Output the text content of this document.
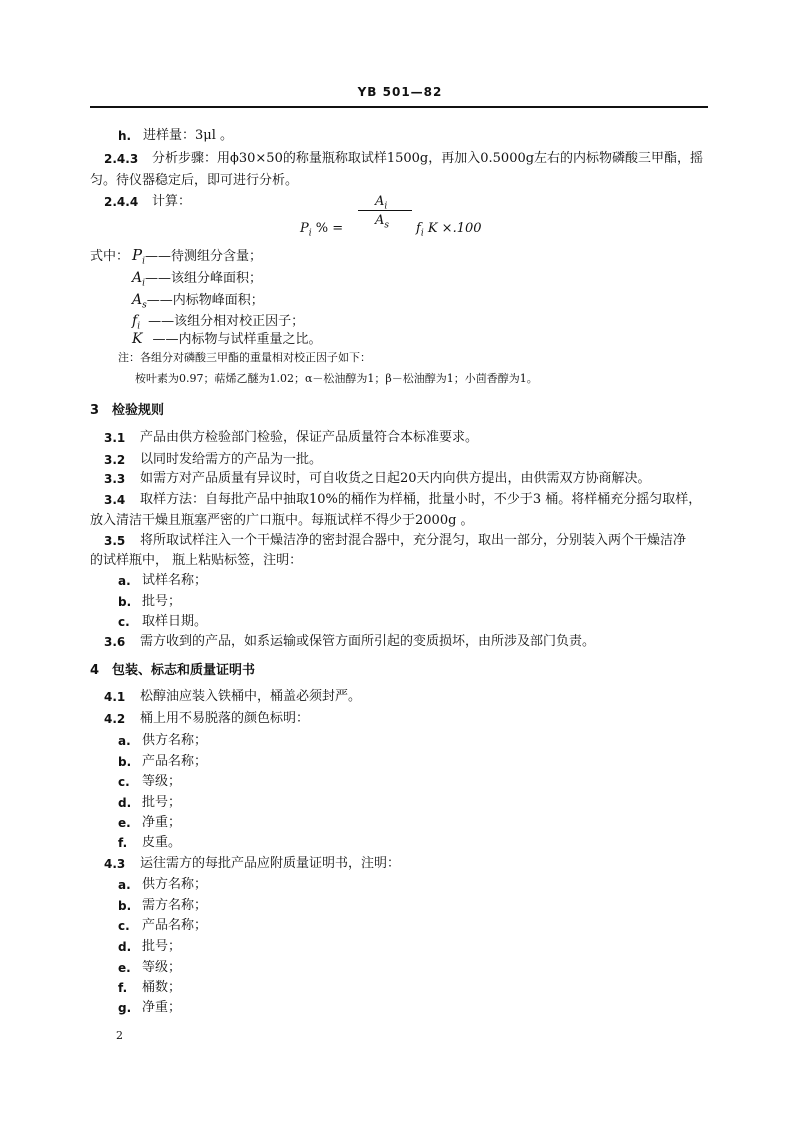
YB 501—82
h. 进样量：3μl 。
2.4.3 分析步骤：用ϕ30×50的称量瓶称取试样1500g，再加入0.5000g左右的内标物磷酸三甲酯，摇
匀。待仪器稳定后，即可进行分析。
2.4.4 计算：
$P_i$ % =
$A_i$
$A_s$ $f_i$ K ×.100
式中： $P_i——$待测组分含量；
$A_i——$该组分峰面积；
$A_s——$内标物峰面积；
$f_i$ ——该组分相对校正因子；
K ——内标物与试样重量之比。
注：各组分对磷酸三甲酯的重量相对校正因子如下：
桉叶素为0.97；萜烯乙醚为1.02；α－松油醇为1；β－松油醇为1；小茴香醇为1。
3　检验规则
3.1 产品由供方检验部门检验，保证产品质量符合本标准要求。
3.2 以同时发给需方的产品为一批。
3.3 如需方对产品质量有异议时，可自收货之日起20天内向供方提出，由供需双方协商解决。
3.4 取样方法：自每批产品中抽取10%的桶作为样桶，批量小时，不少于3 桶。将样桶充分摇匀取样，
放入清洁干燥且瓶塞严密的广口瓶中。每瓶试样不得少于2000g 。
3.5 将所取试样注入一个干燥洁净的密封混合器中，充分混匀，取出一部分，分别装入两个干燥洁净
的试样瓶中， 瓶上粘贴标签，注明：
a. 试样名称；
b. 批号；
c. 取样日期。
3.6 需方收到的产品，如系运输或保管方面所引起的变质损坏，由所涉及部门负责。
4　包装、标志和质量证明书
4.1 松醇油应装入铁桶中，桶盖必须封严。
4.2 桶上用不易脱落的颜色标明：
a. 供方名称；
b. 产品名称；
c. 等级；
d. 批号；
e. 净重；
f. 皮重。
4.3 运往需方的每批产品应附质量证明书，注明：
a. 供方名称；
b. 需方名称；
c. 产品名称；
d. 批号；
e. 等级；
f. 桶数；
g. 净重；
2
